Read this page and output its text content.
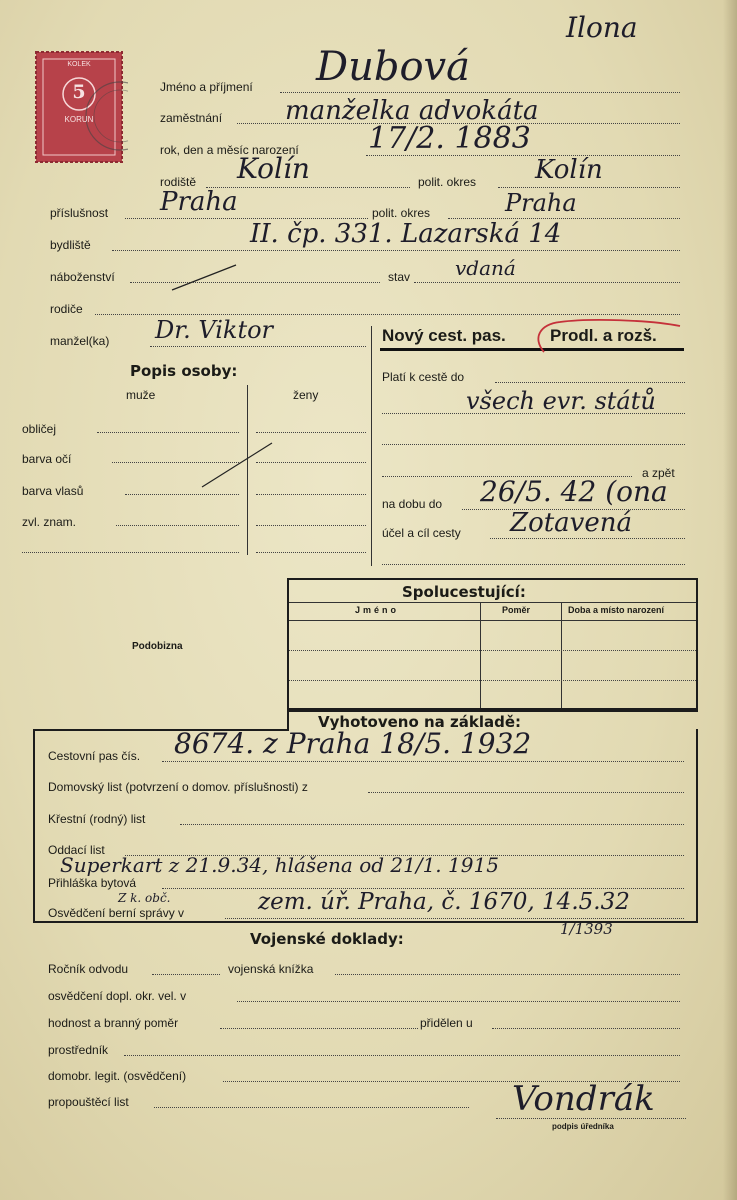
Ilona
5
KOLEK
KORUN
Jméno a příjmení Dubová
zaměstnání manželka advokáta
rok, den a měsíc narození 17/2. 1883
rodiště Kolín	polit. okres Kolín
příslušnost Praha	polit. okres	Praha
bydliště	II. čp. 331. Lazarská 14
náboženství	stav vdaná
rodiče
manžel(ka) Dr. Viktor
Popis osoby:
muže	ženy
obličej
barva očí
barva vlasů
zvl. znam.
Nový cest. pas.	Prodl. a rozš.
Platí k cestě do
všech evr. států
a zpět
na dobu do 26/5. 42 (ona
účel a cíl cesty Zotavená
Spolucestující:
Jméno	Poměr	Doba a místo narození
Podobizna
Vyhotoveno na základě:
Cestovní pas čís. 8674. z Praha 18/5. 1932
Domovský list (potvrzení o domov. příslušnosti) z
Křestní (rodný) list
Oddací list
Přihláška bytová
Superkart z 21.9.34, hlášena od 21/1. 1915
Osvědčení berní správy v
Z k. obč.	zem. úř. Praha, č. 1670, 14.5.32
1/1393
Vojenské doklady:
Ročník odvodu	vojenská knížka
osvědčení dopl. okr. vel. v
hodnost a branný poměr	přidělen u
prostředník
domobr. legit. (osvědčení)
propouštěcí list	Vondrák
podpis úředníka
